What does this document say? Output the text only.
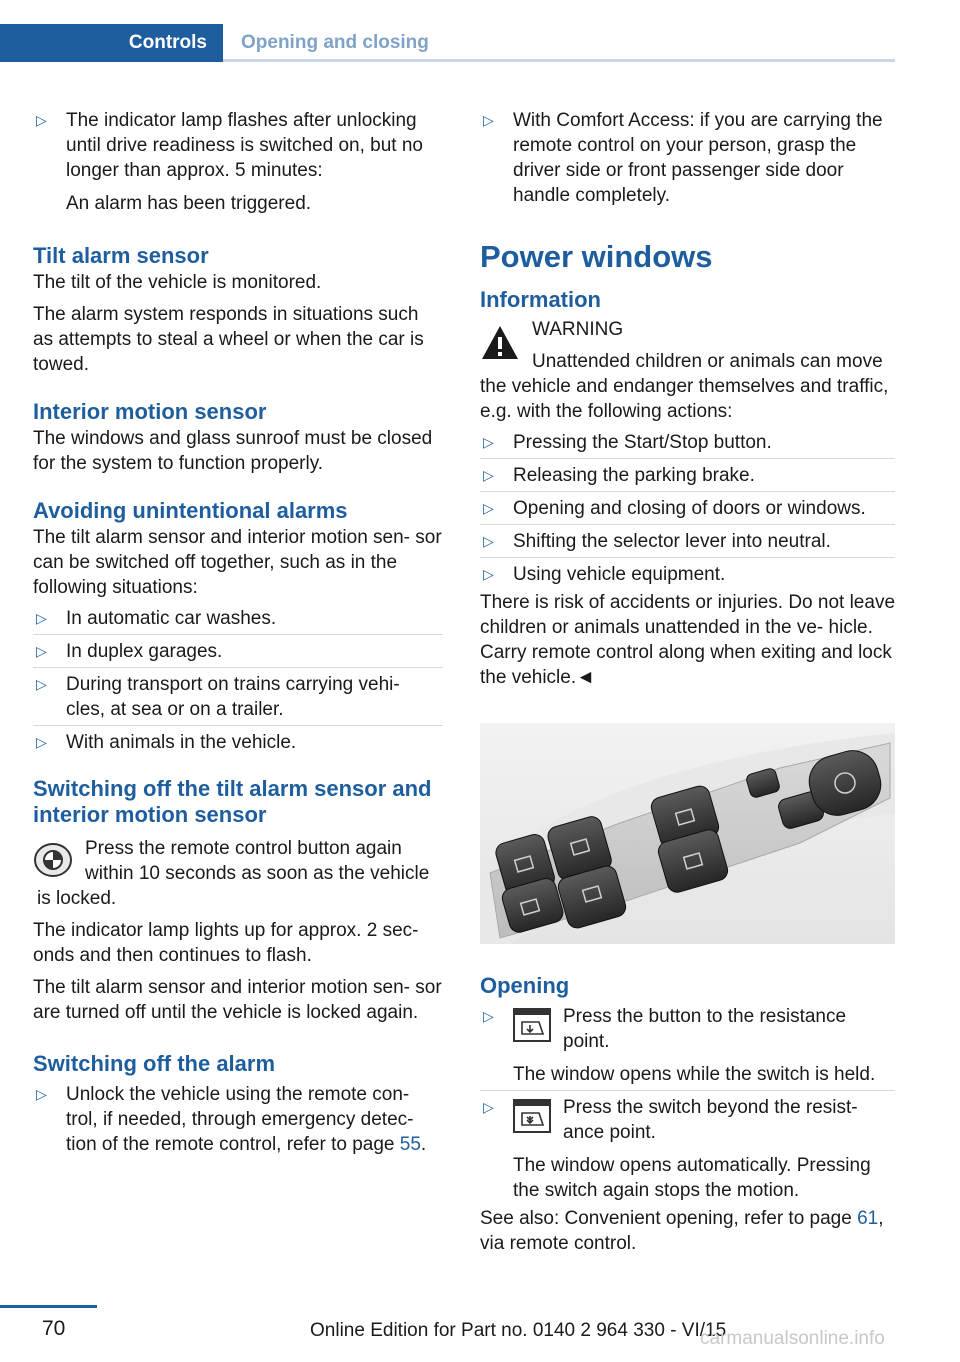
Controls	Opening and closing
▷ The indicator lamp flashes after unlocking until drive readiness is switched on, but no longer than approx. 5 minutes:
An alarm has been triggered.
Tilt alarm sensor

The tilt of the vehicle is monitored.

The alarm system responds in situations such as attempts to steal a wheel or when the car is towed.

Interior motion sensor

The windows and glass sunroof must be closed for the system to function properly.

Avoiding unintentional alarms

The tilt alarm sensor and interior motion sen‐ sor can be switched off together, such as in the following situations:

▷ In automatic car washes.
▷ In duplex garages.
▷ During transport on trains carrying vehi‐ cles, at sea or on a trailer.
▷ With animals in the vehicle.
Switching off the tilt alarm sensor and interior motion sensor

Press the remote control button again within 10 seconds as soon as the vehicle is locked.

The indicator lamp lights up for approx. 2 sec‐ onds and then continues to flash.

The tilt alarm sensor and interior motion sen‐ sor are turned off until the vehicle is locked again.

Switching off the alarm
▷ Unlock the vehicle using the remote con‐ trol, if needed, through emergency detec‐ tion of the remote control, refer to page 55.
▷ With Comfort Access: if you are carrying the remote control on your person, grasp the driver side or front passenger side door handle completely.
Power windows
Information

WARNING

Unattended children or animals can move the vehicle and endanger themselves and traffic, e.g. with the following actions:

▷ Pressing the Start/Stop button.
▷ Releasing the parking brake.
▷ Opening and closing of doors or windows.
▷ Shifting the selector lever into neutral.
▷ Using vehicle equipment.

There is risk of accidents or injuries. Do not leave children or animals unattended in the ve‐ hicle. Carry remote control along when exiting and lock the vehicle.◄

Opening
▷	Press the button to the resistance point.
The window opens while the switch is held.
▷	Press the switch beyond the resist‐ ance point.
The window opens automatically. Pressing the switch again stops the motion.

See also: Convenient opening, refer to page 61, via remote control.

70	Online Edition for Part no. 0140 2 964 330 - VI/15
carmanualsonline.info
